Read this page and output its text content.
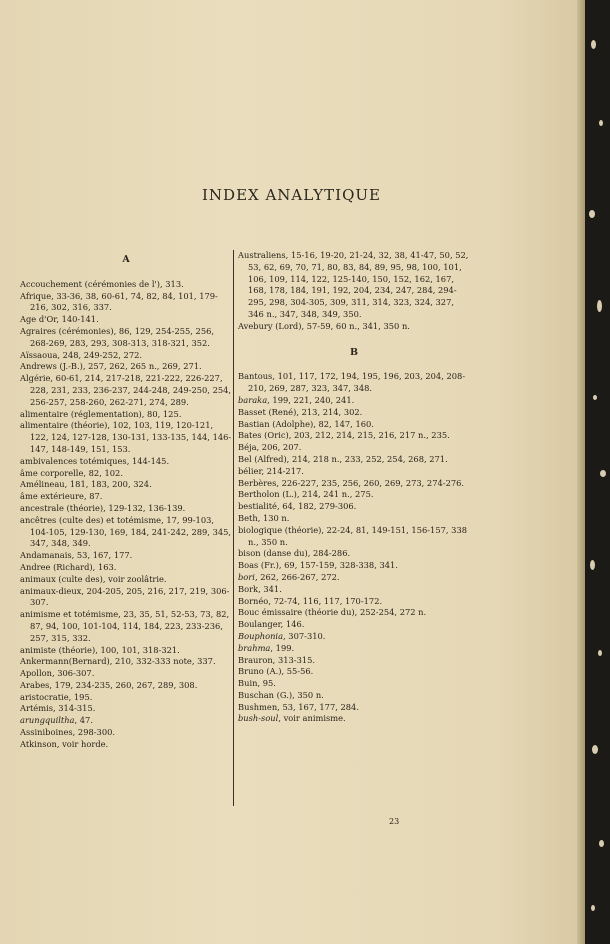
INDEX ANALYTIQUE
A

Accouchement (cérémonies de l'), 313.

Afrique, 33-36, 38, 60-61, 74, 82, 84, 101, 179-216, 302, 316, 337.

Age d'Or, 140-141.

Agraires (cérémonies), 86, 129, 254-255, 256, 268-269, 283, 293, 308-313, 318-321, 352.

Aïssaoua, 248, 249-252, 272.

Andrews (J.-B.), 257, 262, 265 n., 269, 271.

Algérie, 60-61, 214, 217-218, 221-222, 226-227, 228, 231, 233, 236-237, 244-248, 249-250, 254, 256-257, 258-260, 262-271, 274, 289.

alimentaire (réglementation), 80, 125.

alimentaire (théorie), 102, 103, 119, 120-121, 122, 124, 127-128, 130-131, 133-135, 144, 146-147, 148-149, 151, 153.

ambivalences totémiques, 144-145.

âme corporelle, 82, 102.

Amélineau, 181, 183, 200, 324.

âme extérieure, 87.

ancestrale (théorie), 129-132, 136-139.

ancêtres (culte des) et totémisme, 17, 99-103, 104-105, 129-130, 169, 184, 241-242, 289, 345, 347, 348, 349.

Andamanais, 53, 167, 177.

Andree (Richard), 163.

animaux (culte des), voir zoolâtrie.

animaux-dieux, 204-205, 205, 216, 217, 219, 306-307.

animisme et totémisme, 23, 35, 51, 52-53, 73, 82, 87, 94, 100, 101-104, 114, 184, 223, 233-236, 257, 315, 332.

animiste (théorie), 100, 101, 318-321.

Ankermann(Bernard), 210, 332-333 note, 337.

Apollon, 306-307.

Arabes, 179, 234-235, 260, 267, 289, 308.

aristocratie, 195.

Artémis, 314-315.

arungquiltha, 47.

Assiniboines, 298-300.

Atkinson, voir horde.

Australiens, 15-16, 19-20, 21-24, 32, 38, 41-47, 50, 52, 53, 62, 69, 70, 71, 80, 83, 84, 89, 95, 98, 100, 101, 106, 109, 114, 122, 125-140, 150, 152, 162, 167, 168, 178, 184, 191, 192, 204, 234, 247, 284, 294-295, 298, 304-305, 309, 311, 314, 323, 324, 327, 346 n., 347, 348, 349, 350.

Avebury (Lord), 57-59, 60 n., 341, 350 n.

B

Bantous, 101, 117, 172, 194, 195, 196, 203, 204, 208-210, 269, 287, 323, 347, 348.

baraka, 199, 221, 240, 241.

Basset (René), 213, 214, 302.

Bastian (Adolphe), 82, 147, 160.

Bates (Oric), 203, 212, 214, 215, 216, 217 n., 235.

Béja, 206, 207.

Bel (Alfred), 214, 218 n., 233, 252, 254, 268, 271.

bélier, 214-217.

Berbères, 226-227, 235, 256, 260, 269, 273, 274-276.

Bertholon (L.), 214, 241 n., 275.

bestialité, 64, 182, 279-306.

Beth, 130 n.

biologique (théorie), 22-24, 81, 149-151, 156-157, 338 n., 350 n.

bison (danse du), 284-286.

Boas (Fr.), 69, 157-159, 328-338, 341.

bori, 262, 266-267, 272.

Bork, 341.

Bornéo, 72-74, 116, 117, 170-172.

Bouc émissaire (théorie du), 252-254, 272 n.

Boulanger, 146.

Bouphonia, 307-310.

brahma, 199.

Brauron, 313-315.

Bruno (A.), 55-56.

Buin, 95.

Buschan (G.), 350 n.

Bushmen, 53, 167, 177, 284.

bush-soul, voir animisme.

23
